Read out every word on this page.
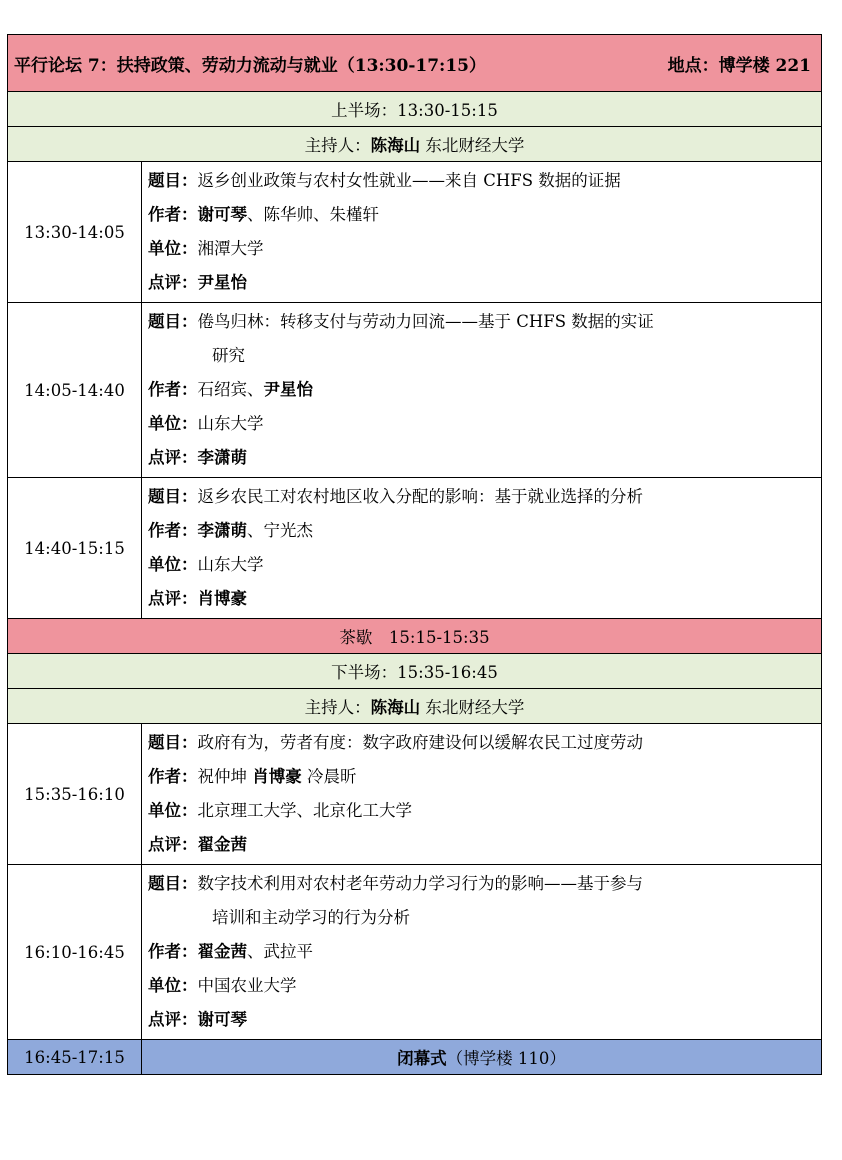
平行论坛 7：扶持政策、劳动力流动与就业（13:30-17:15） 地点：博学楼 221	

上半场：13:30-15:15	
主持人：陈海山 东北财经大学	
13:30-14:05	题目：返乡创业政策与农村女性就业——来自 CHFS 数据的证据
作者：谢可琴、陈华帅、朱槿轩
单位：湘潭大学
点评：尹星怡

14:05-14:40	题目：倦鸟归林：转移支付与劳动力回流——基于 CHFS 数据的实证
研究
作者：石绍宾、尹星怡
单位：山东大学
点评：李潇萌

14:40-15:15	题目：返乡农民工对农村地区收入分配的影响：基于就业选择的分析
作者：李潇萌、宁光杰
单位：山东大学
点评：肖博豪

茶歇　15:15-15:35	
下半场：15:35-16:45	
主持人：陈海山 东北财经大学	
15:35-16:10	题目：政府有为，劳者有度：数字政府建设何以缓解农民工过度劳动
作者：祝仲坤 肖博豪 冷晨昕
单位：北京理工大学、北京化工大学
点评：翟金茜

16:10-16:45	题目：数字技术利用对农村老年劳动力学习行为的影响——基于参与
培训和主动学习的行为分析
作者：翟金茜、武拉平
单位：中国农业大学
点评：谢可琴

16:45-17:15	闭幕式（博学楼 110）
